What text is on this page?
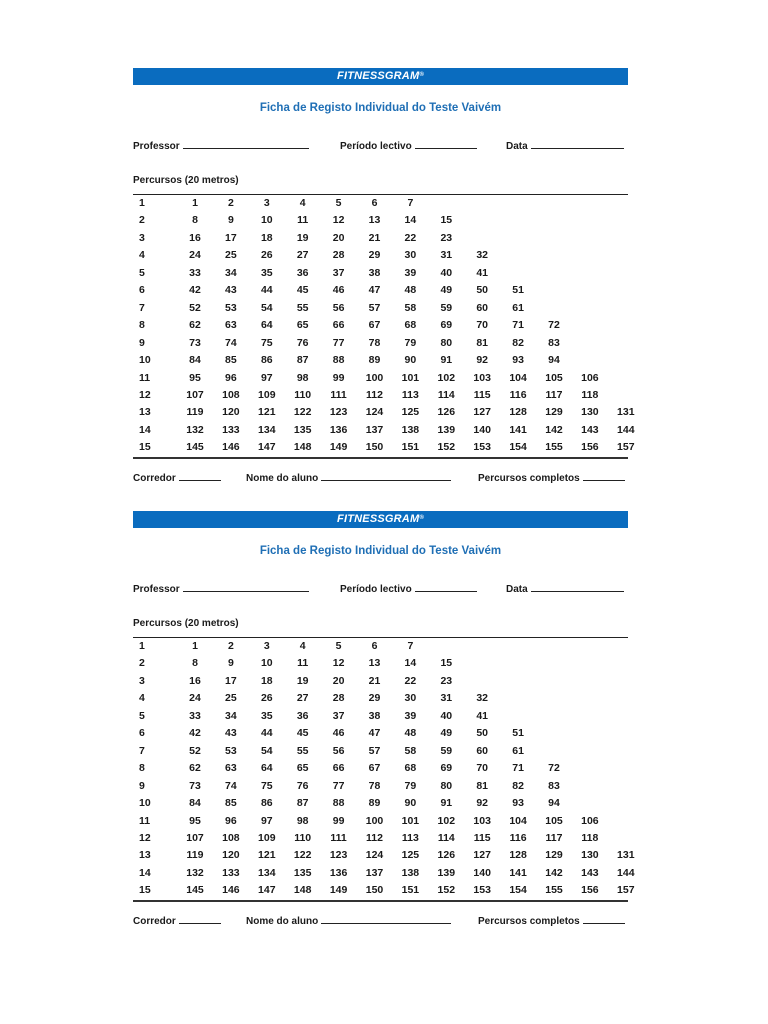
FITNESSGRAM®
Ficha de Registo Individual do Teste Vaivém
Professor	Período lectivo	Data
Percursos (20 metros)
1	1	2	3	4	5	6	7
2	8	9	10	11	12	13	14	15
3	16	17	18	19	20	21	22	23
4	24	25	26	27	28	29	30	31	32
5	33	34	35	36	37	38	39	40	41
6	42	43	44	45	46	47	48	49	50	51
7	52	53	54	55	56	57	58	59	60	61
8	62	63	64	65	66	67	68	69	70	71	72
9	73	74	75	76	77	78	79	80	81	82	83
10	84	85	86	87	88	89	90	91	92	93	94
11	95	96	97	98	99	100	101	102	103	104	105	106
12	107	108	109	110	111	112	113	114	115	116	117	118
13	119	120	121	122	123	124	125	126	127	128	129	130	131
14	132	133	134	135	136	137	138	139	140	141	142	143	144
15	145	146	147	148	149	150	151	152	153	154	155	156	157
Corredor	Nome do aluno	Percursos completos
FITNESSGRAM®
Ficha de Registo Individual do Teste Vaivém
Professor	Período lectivo	Data
Percursos (20 metros)
1	1	2	3	4	5	6	7
2	8	9	10	11	12	13	14	15
3	16	17	18	19	20	21	22	23
4	24	25	26	27	28	29	30	31	32
5	33	34	35	36	37	38	39	40	41
6	42	43	44	45	46	47	48	49	50	51
7	52	53	54	55	56	57	58	59	60	61
8	62	63	64	65	66	67	68	69	70	71	72
9	73	74	75	76	77	78	79	80	81	82	83
10	84	85	86	87	88	89	90	91	92	93	94
11	95	96	97	98	99	100	101	102	103	104	105	106
12	107	108	109	110	111	112	113	114	115	116	117	118
13	119	120	121	122	123	124	125	126	127	128	129	130	131
14	132	133	134	135	136	137	138	139	140	141	142	143	144
15	145	146	147	148	149	150	151	152	153	154	155	156	157
Corredor	Nome do aluno	Percursos completos
